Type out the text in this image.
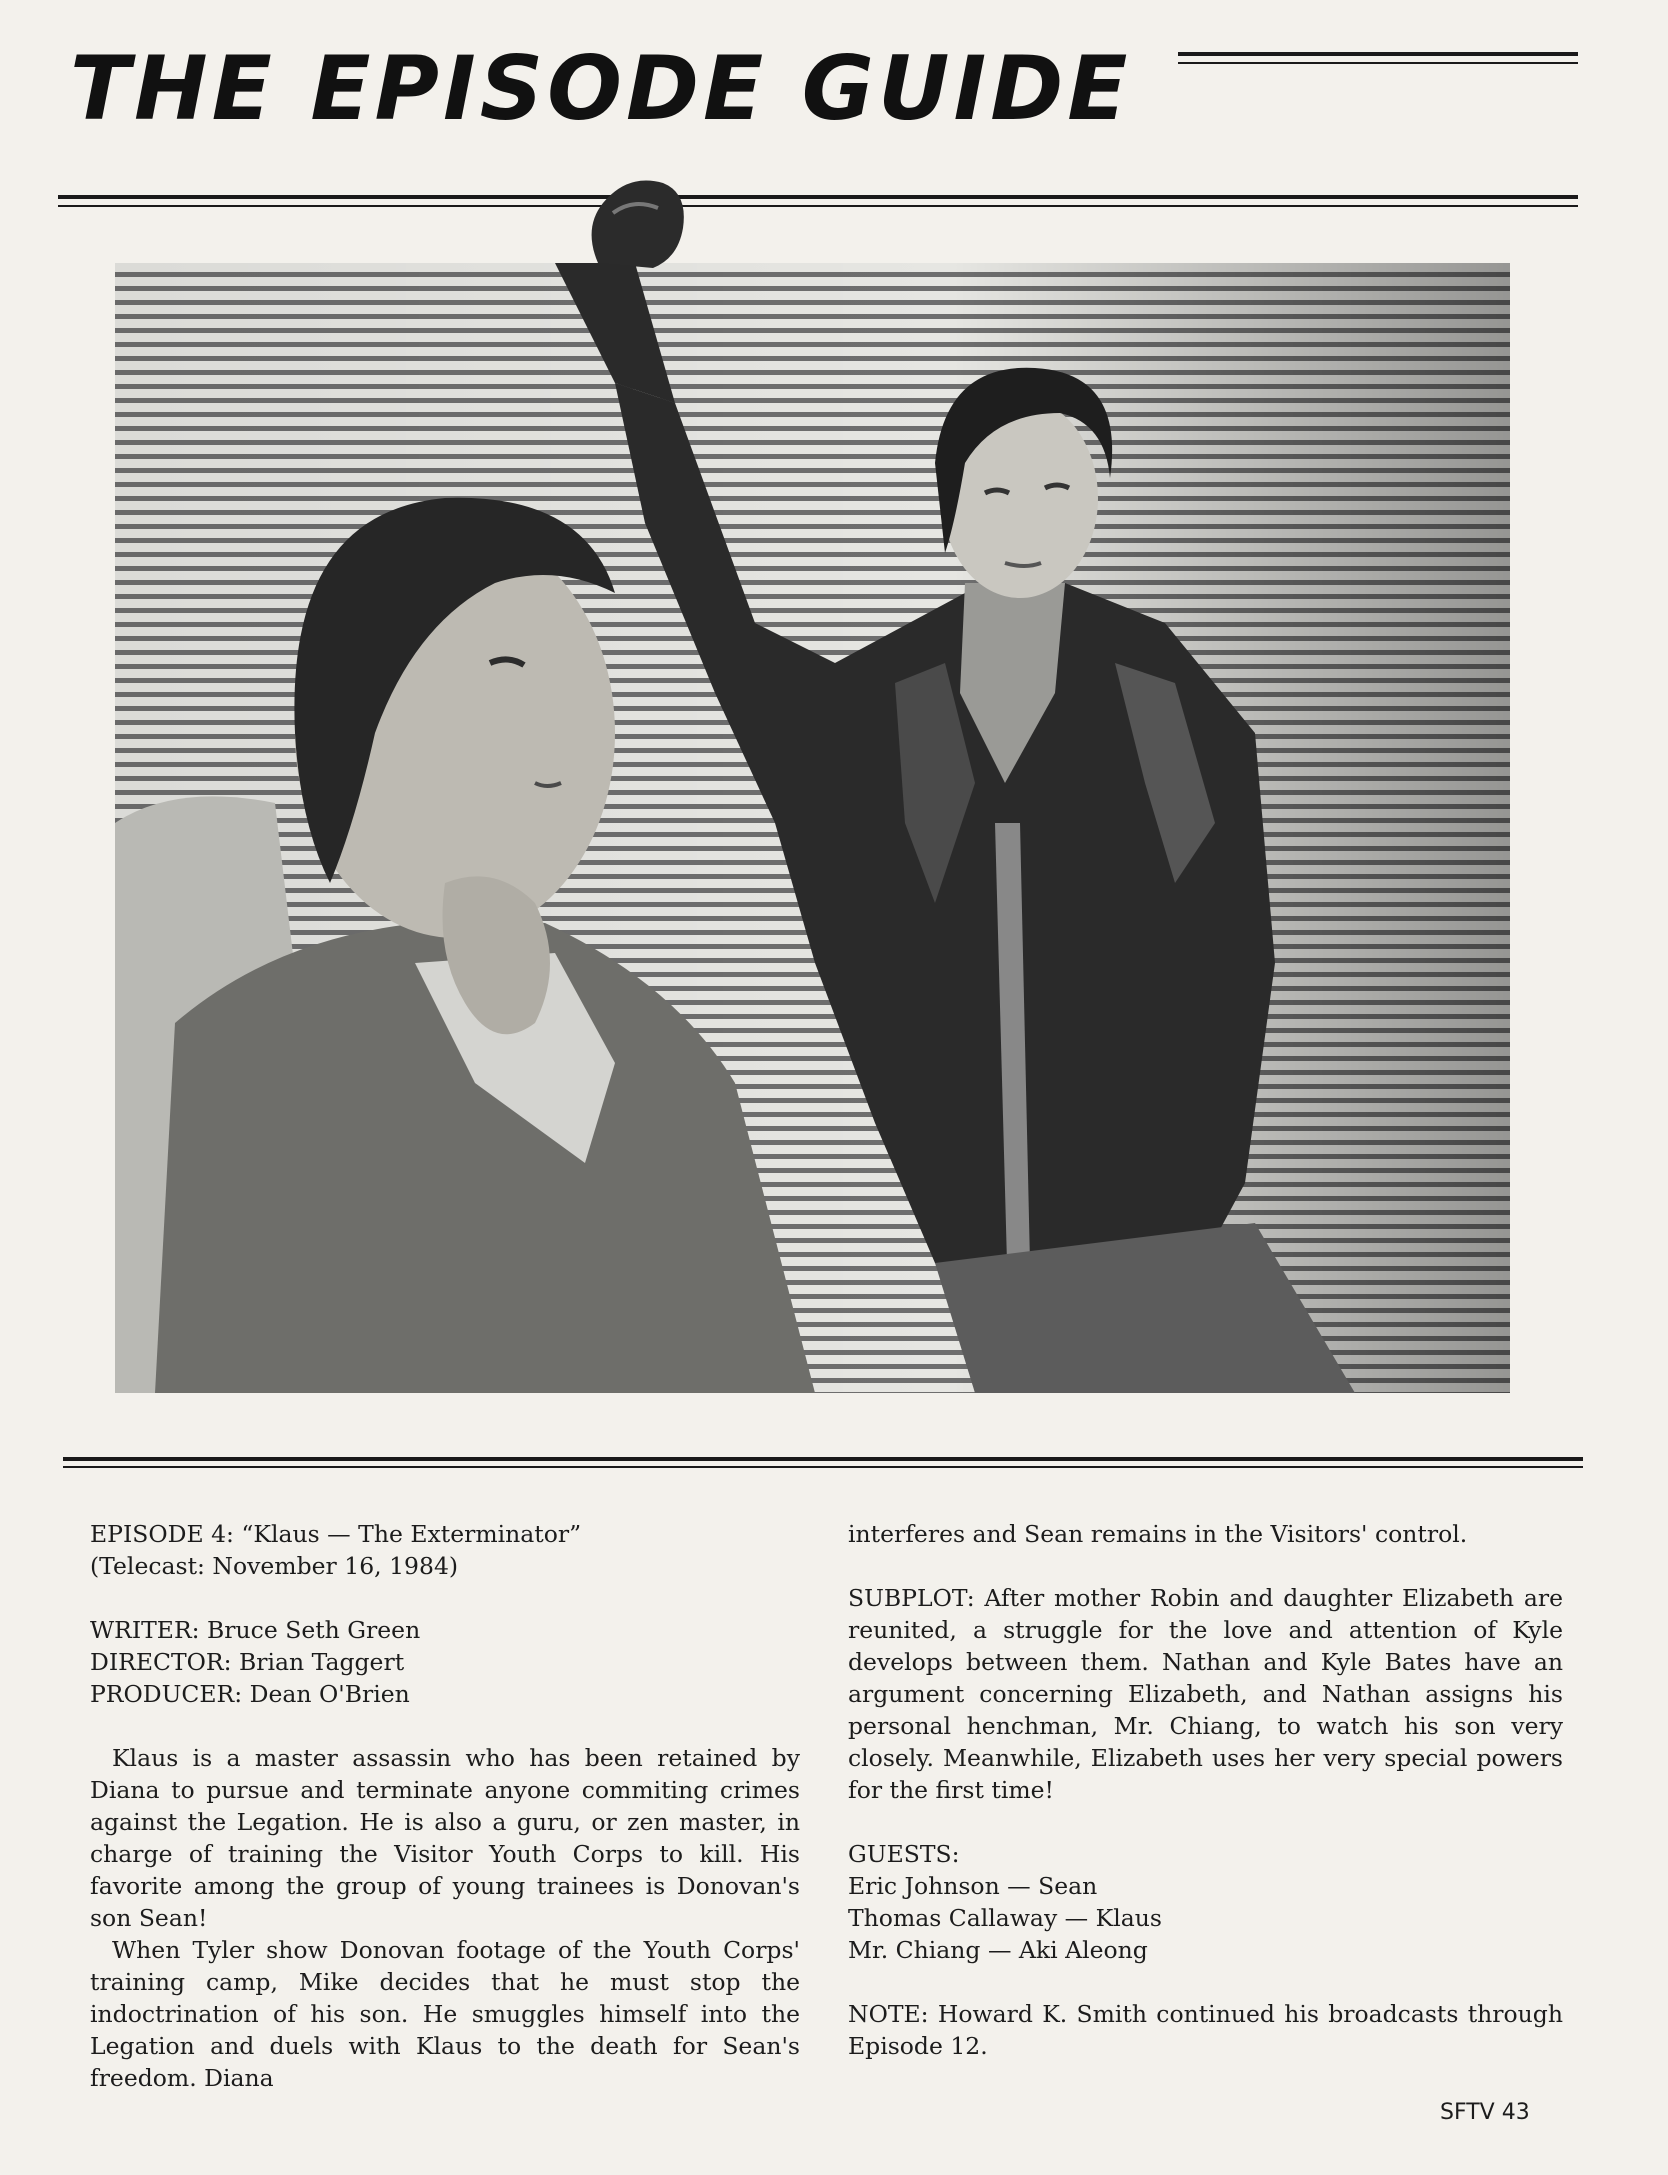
THE EPISODE GUIDE

EPISODE 4: “Klaus — The Exterminator”

(Telecast: November 16, 1984)

WRITER: Bruce Seth Green

DIRECTOR: Brian Taggert

PRODUCER: Dean O'Brien

Klaus is a master assassin who has been retained by Diana to pursue and terminate anyone commiting crimes against the Legation. He is also a guru, or zen master, in charge of training the Visitor Youth Corps to kill. His favorite among the group of young trainees is Donovan's son Sean!

When Tyler show Donovan footage of the Youth Corps' training camp, Mike decides that he must stop the indoctrination of his son. He smuggles himself into the Legation and duels with Klaus to the death for Sean's freedom. Diana

interferes and Sean remains in the Visitors' control.

SUBPLOT: After mother Robin and daughter Elizabeth are reunited, a struggle for the love and attention of Kyle develops between them. Nathan and Kyle Bates have an argument concerning Elizabeth, and Nathan assigns his personal henchman, Mr. Chiang, to watch his son very closely. Meanwhile, Elizabeth uses her very special powers for the first time!

GUESTS:

Eric Johnson — Sean

Thomas Callaway — Klaus

Mr. Chiang — Aki Aleong

NOTE: Howard K. Smith continued his broadcasts through Episode 12.

SFTV 43
